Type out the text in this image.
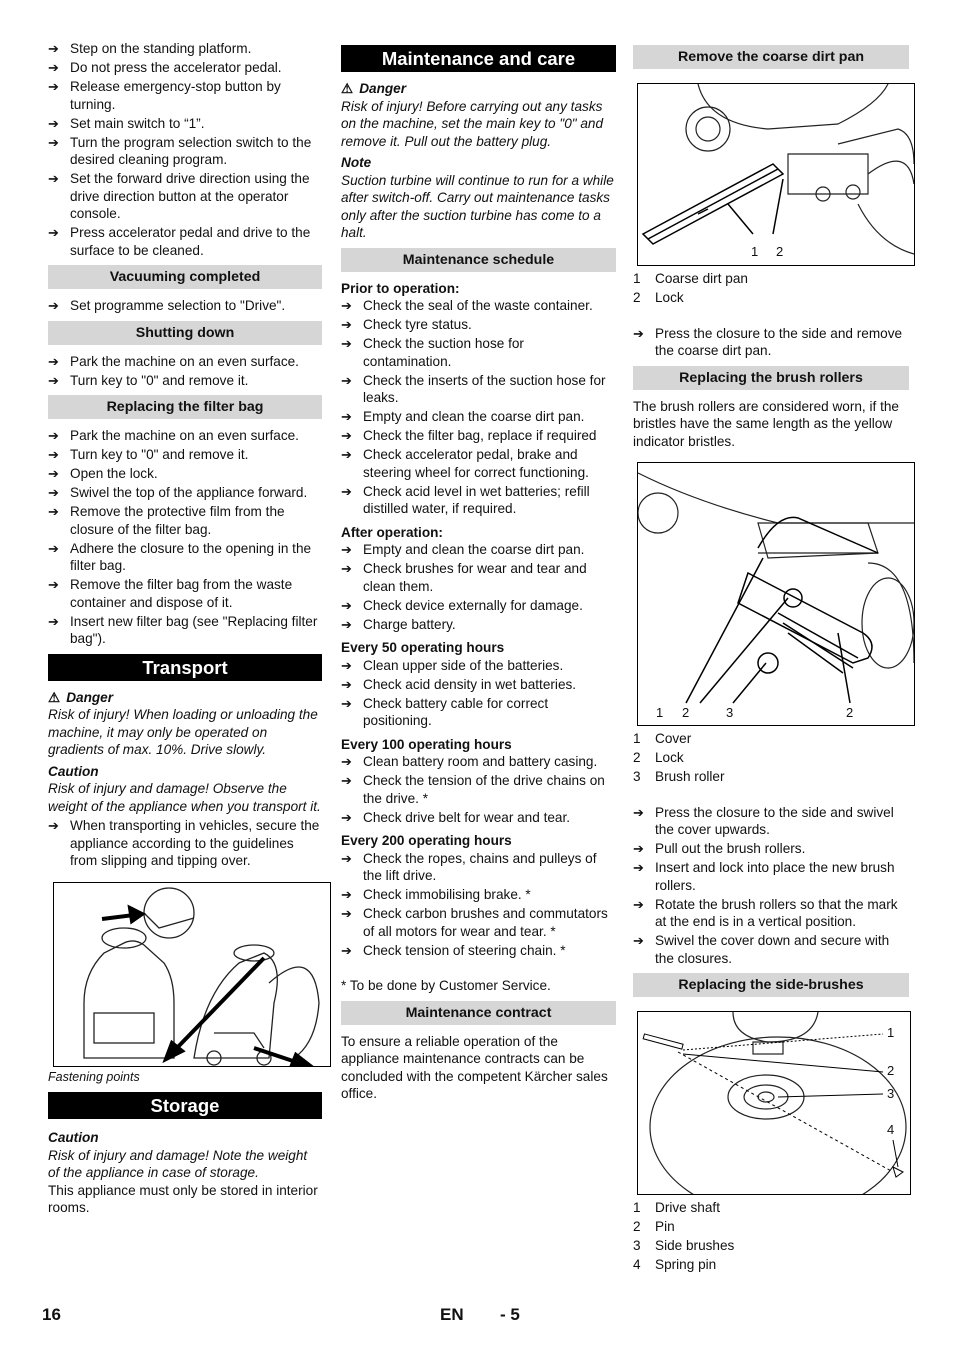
➔ Step on the standing platform.
➔ Do not press the accelerator pedal.
➔ Release emergency-stop button by turning.
➔ Set main switch to “1”.
➔ Turn the program selection switch to the desired cleaning program.
➔ Set the forward drive direction using the drive direction button at the operator console.
➔ Press accelerator pedal and drive to the surface to be cleaned.
Vacuuming completed
➔ Set programme selection to "Drive".
Shutting down
➔ Park the machine on an even surface.
➔ Turn key to "0" and remove it.
Replacing the filter bag
➔ Park the machine on an even surface.
➔ Turn key to "0" and remove it.
➔ Open the lock.
➔ Swivel the top of the appliance forward.
➔ Remove the protective film from the closure of the filter bag.
➔ Adhere the closure to the opening in the filter bag.
➔ Remove the filter bag from the waste container and dispose of it.
➔ Insert new filter bag (see "Replacing filter bag").
Transport
⚠ Danger
Risk of injury! When loading or unloading the machine, it may only be operated on gradients of max. 10%. Drive slowly.
Caution
Risk of injury and damage! Observe the weight of the appliance when you transport it.
➔ When transporting in vehicles, secure the appliance according to the guidelines from slipping and tipping over.
Fastening points
Storage
Caution
Risk of injury and damage! Note the weight of the appliance in case of storage.
This appliance must only be stored in interior rooms.
Maintenance and care
⚠ Danger
Risk of injury! Before carrying out any tasks on the machine, set the main key to "0" and remove it. Pull out the battery plug.
Note
Suction turbine will continue to run for a while after switch-off. Carry out maintenance tasks only after the suction turbine has come to a halt.
Maintenance schedule
Prior to operation:
➔ Check the seal of the waste container.
➔ Check tyre status.
➔ Check the suction hose for contamination.
➔ Check the inserts of the suction hose for leaks.
➔ Empty and clean the coarse dirt pan.
➔ Check the filter bag, replace if required
➔ Check accelerator pedal, brake and steering wheel for correct functioning.
➔ Check acid level in wet batteries; refill distilled water, if required.
After operation:
➔ Empty and clean the coarse dirt pan.
➔ Check brushes for wear and tear and clean them.
➔ Check device externally for damage.
➔ Charge battery.
Every 50 operating hours
➔ Clean upper side of the batteries.
➔ Check acid density in wet batteries.
➔ Check battery cable for correct positioning.
Every 100 operating hours
➔ Clean battery room and battery casing.
➔ Check the tension of the drive chains on the drive. *
➔ Check drive belt for wear and tear.
Every 200 operating hours
➔ Check the ropes, chains and pulleys of the lift drive.
➔ Check immobilising brake. *
➔ Check carbon brushes and commutators of all motors for wear and tear. *
➔ Check tension of steering chain. *
* To be done by Customer Service.
Maintenance contract
To ensure a reliable operation of the appliance maintenance contracts can be concluded with the competent Kärcher sales office.
Remove the coarse dirt pan
1 2
1	Coarse dirt pan
2	Lock
➔ Press the closure to the side and remove the coarse dirt pan.
Replacing the brush rollers
The brush rollers are considered worn, if the bristles have the same length as the yellow indicator bristles.
1 2	3	2
1	Cover
2	Lock
3	Brush roller
➔ Press the closure to the side and swivel the cover upwards.
➔ Pull out the brush rollers.
➔ Insert and lock into place the new brush rollers.
➔ Rotate the brush rollers so that the mark at the end is in a vertical position.
➔ Swivel the cover down and secure with the closures.
Replacing the side-brushes
1
2
3
4
1	Drive shaft
2	Pin
3	Side brushes
4	Spring pin
16	EN - 5
